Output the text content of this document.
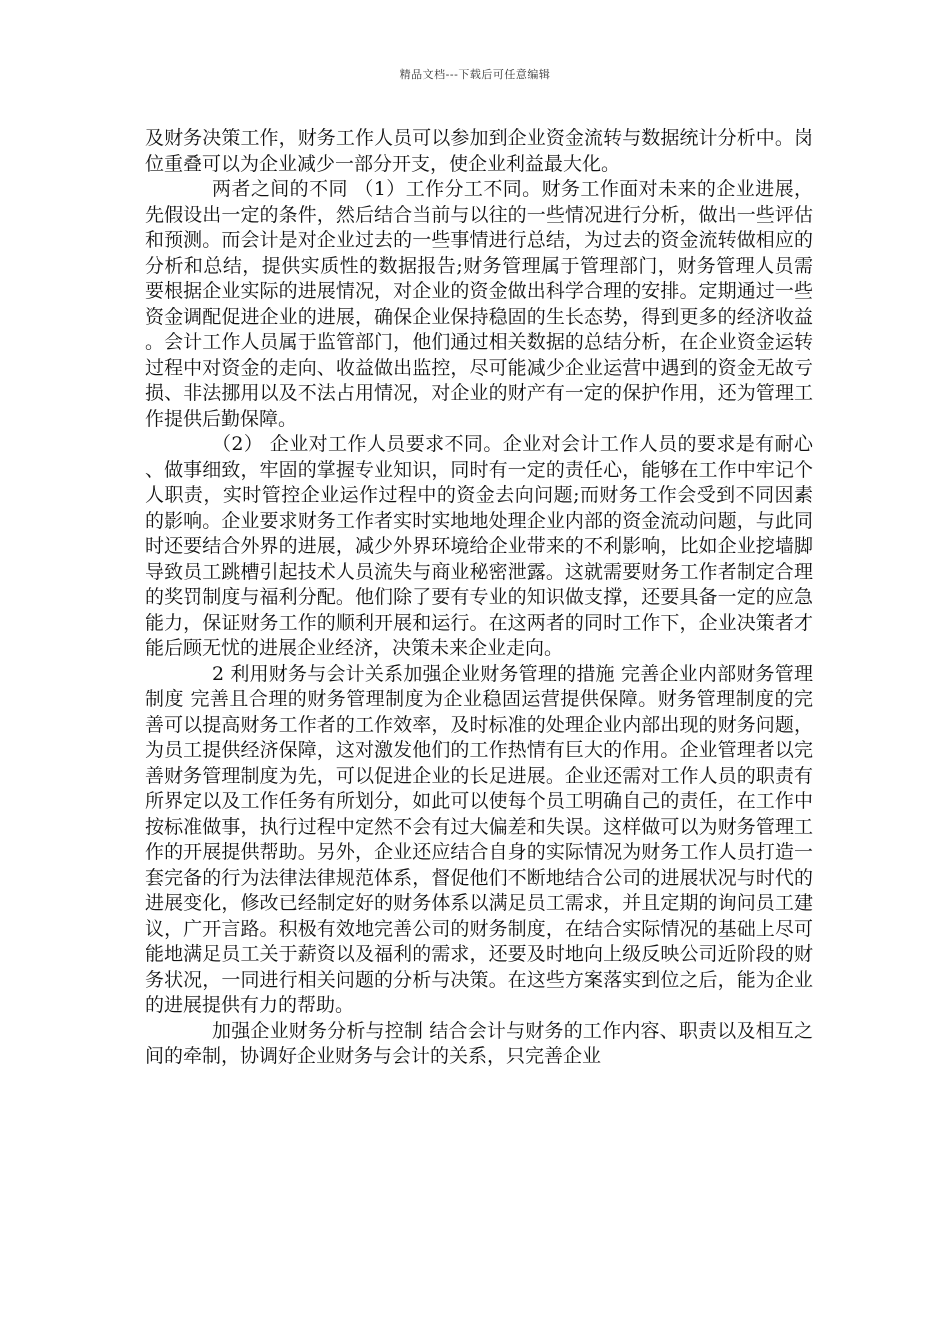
精品文档---下载后可任意编辑

及财务决策工作，财务工作人员可以参加到企业资金流转与数据统计分析中。岗位重叠可以为企业减少一部分开支，使企业利益最大化。

两者之间的不同 （1）工作分工不同。财务工作面对未来的企业进展，先假设出一定的条件，然后结合当前与以往的一些情况进行分析，做出一些评估和预测。而会计是对企业过去的一些事情进行总结，为过去的资金流转做相应的分析和总结，提供实质性的数据报告;财务管理属于管理部门，财务管理人员需要根据企业实际的进展情况，对企业的资金做出科学合理的安排。定期通过一些资金调配促进企业的进展，确保企业保持稳固的生长态势，得到更多的经济收益。会计工作人员属于监管部门，他们通过相关数据的总结分析，在企业资金运转过程中对资金的走向、收益做出监控，尽可能减少企业运营中遇到的资金无故亏损、非法挪用以及不法占用情况，对企业的财产有一定的保护作用，还为管理工作提供后勤保障。

（2） 企业对工作人员要求不同。企业对会计工作人员的要求是有耐心、做事细致，牢固的掌握专业知识，同时有一定的责任心，能够在工作中牢记个人职责，实时管控企业运作过程中的资金去向问题;而财务工作会受到不同因素的影响。企业要求财务工作者实时实地地处理企业内部的资金流动问题，与此同时还要结合外界的进展，减少外界环境给企业带来的不利影响，比如企业挖墙脚导致员工跳槽引起技术人员流失与商业秘密泄露。这就需要财务工作者制定合理的奖罚制度与福利分配。他们除了要有专业的知识做支撑，还要具备一定的应急能力，保证财务工作的顺利开展和运行。在这两者的同时工作下，企业决策者才能后顾无忧的进展企业经济，决策未来企业走向。

2 利用财务与会计关系加强企业财务管理的措施 完善企业内部财务管理制度 完善且合理的财务管理制度为企业稳固运营提供保障。财务管理制度的完善可以提高财务工作者的工作效率，及时标准的处理企业内部出现的财务问题，为员工提供经济保障，这对激发他们的工作热情有巨大的作用。企业管理者以完善财务管理制度为先，可以促进企业的长足进展。企业还需对工作人员的职责有所界定以及工作任务有所划分，如此可以使每个员工明确自己的责任，在工作中按标准做事，执行过程中定然不会有过大偏差和失误。这样做可以为财务管理工作的开展提供帮助。另外，企业还应结合自身的实际情况为财务工作人员打造一套完备的行为法律法律规范体系，督促他们不断地结合公司的进展状况与时代的进展变化，修改已经制定好的财务体系以满足员工需求，并且定期的询问员工建议，广开言路。积极有效地完善公司的财务制度，在结合实际情况的基础上尽可能地满足员工关于薪资以及福利的需求，还要及时地向上级反映公司近阶段的财务状况，一同进行相关问题的分析与决策。在这些方案落实到位之后，能为企业的进展提供有力的帮助。

加强企业财务分析与控制 结合会计与财务的工作内容、职责以及相互之间的牵制，协调好企业财务与会计的关系，只完善企业
